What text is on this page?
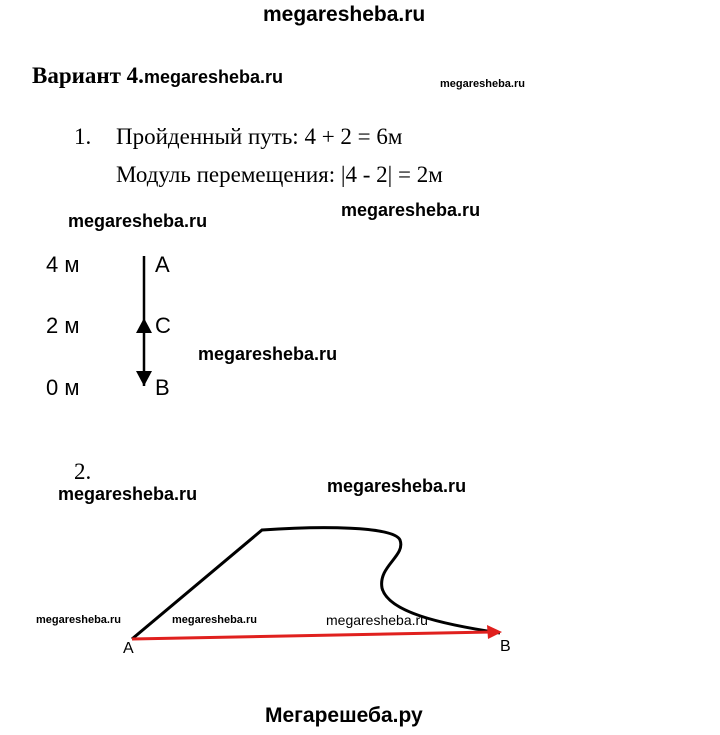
megaresheba.ru
Вариант 4.megaresheba.ru	megaresheba.ru
1. Пройденный путь: 4 + 2 = 6м
Модуль перемещения: |4 - 2| = 2м
megaresheba.ru
megaresheba.ru
megaresheba.ru
4 м
2 м
0 м
A
C
B
2.
megaresheba.ru	megaresheba.ru
megaresheba.ru	megaresheba.ru	megaresheba.ru
A	B
Мегарешеба.ру
